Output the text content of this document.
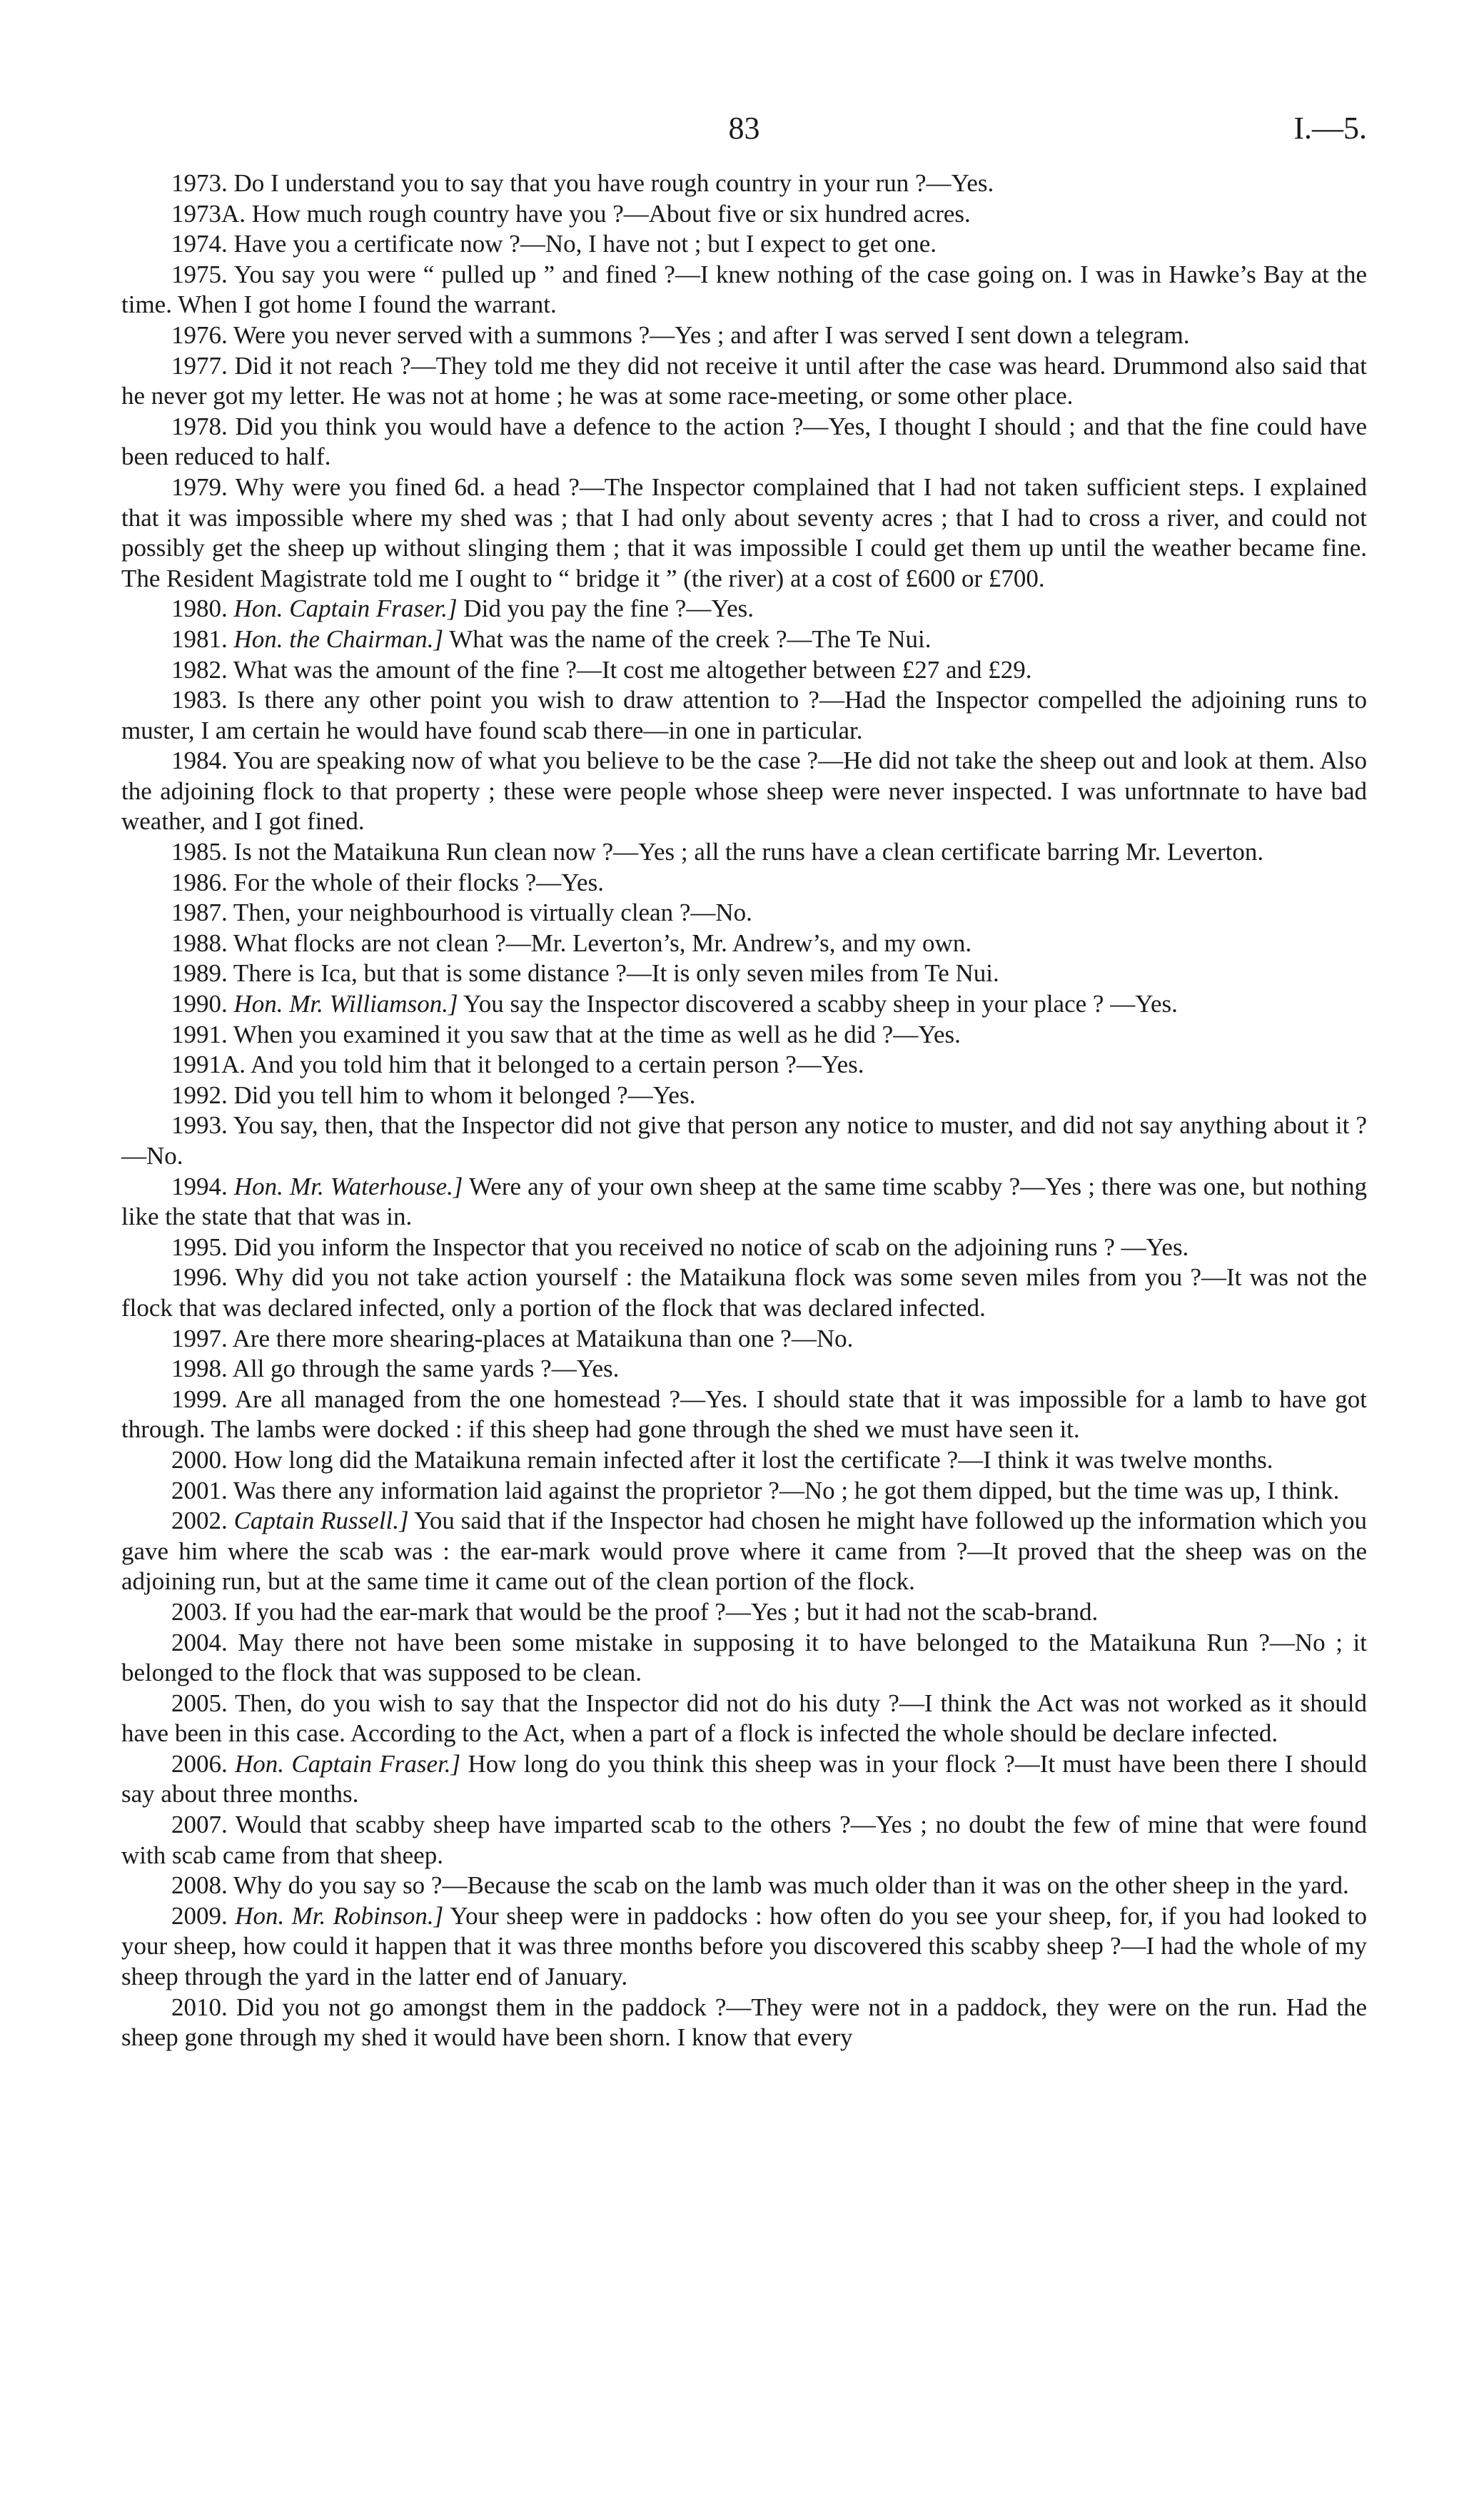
83	I.—5.

1973. Do I understand you to say that you have rough country in your run ?—Yes.

1973A. How much rough country have you ?—About five or six hundred acres.

1974. Have you a certificate now ?—No, I have not ; but I expect to get one.

1975. You say you were “ pulled up ” and fined ?—I knew nothing of the case going on. I was in Hawke’s Bay at the time. When I got home I found the warrant.

1976. Were you never served with a summons ?—Yes ; and after I was served I sent down a telegram.

1977. Did it not reach ?—They told me they did not receive it until after the case was heard. Drummond also said that he never got my letter. He was not at home ; he was at some race-meeting, or some other place.

1978. Did you think you would have a defence to the action ?—Yes, I thought I should ; and that the fine could have been reduced to half.

1979. Why were you fined 6d. a head ?—The Inspector complained that I had not taken sufficient steps. I explained that it was impossible where my shed was ; that I had only about seventy acres ; that I had to cross a river, and could not possibly get the sheep up without slinging them ; that it was impossible I could get them up until the weather became fine. The Resident Magistrate told me I ought to “ bridge it ” (the river) at a cost of £600 or £700.

1980. Hon. Captain Fraser.] Did you pay the fine ?—Yes.

1981. Hon. the Chairman.] What was the name of the creek ?—The Te Nui.

1982. What was the amount of the fine ?—It cost me altogether between £27 and £29.

1983. Is there any other point you wish to draw attention to ?—Had the Inspector compelled the adjoining runs to muster, I am certain he would have found scab there—in one in particular.

1984. You are speaking now of what you believe to be the case ?—He did not take the sheep out and look at them. Also the adjoining flock to that property ; these were people whose sheep were never inspected. I was unfortnnate to have bad weather, and I got fined.

1985. Is not the Mataikuna Run clean now ?—Yes ; all the runs have a clean certificate barring Mr. Leverton.

1986. For the whole of their flocks ?—Yes.

1987. Then, your neighbourhood is virtually clean ?—No.

1988. What flocks are not clean ?—Mr. Leverton’s, Mr. Andrew’s, and my own.

1989. There is Ica, but that is some distance ?—It is only seven miles from Te Nui.

1990. Hon. Mr. Williamson.] You say the Inspector discovered a scabby sheep in your place ? —Yes.

1991. When you examined it you saw that at the time as well as he did ?—Yes.

1991A. And you told him that it belonged to a certain person ?—Yes.

1992. Did you tell him to whom it belonged ?—Yes.

1993. You say, then, that the Inspector did not give that person any notice to muster, and did not say anything about it ?—No.

1994. Hon. Mr. Waterhouse.] Were any of your own sheep at the same time scabby ?—Yes ; there was one, but nothing like the state that that was in.

1995. Did you inform the Inspector that you received no notice of scab on the adjoining runs ? —Yes.

1996. Why did you not take action yourself : the Mataikuna flock was some seven miles from you ?—It was not the flock that was declared infected, only a portion of the flock that was declared infected.

1997. Are there more shearing-places at Mataikuna than one ?—No.

1998. All go through the same yards ?—Yes.

1999. Are all managed from the one homestead ?—Yes. I should state that it was impossible for a lamb to have got through. The lambs were docked : if this sheep had gone through the shed we must have seen it.

2000. How long did the Mataikuna remain infected after it lost the certificate ?—I think it was twelve months.

2001. Was there any information laid against the proprietor ?—No ; he got them dipped, but the time was up, I think.

2002. Captain Russell.] You said that if the Inspector had chosen he might have followed up the information which you gave him where the scab was : the ear-mark would prove where it came from ?—It proved that the sheep was on the adjoining run, but at the same time it came out of the clean portion of the flock.

2003. If you had the ear-mark that would be the proof ?—Yes ; but it had not the scab-brand.

2004. May there not have been some mistake in supposing it to have belonged to the Mataikuna Run ?—No ; it belonged to the flock that was supposed to be clean.

2005. Then, do you wish to say that the Inspector did not do his duty ?—I think the Act was not worked as it should have been in this case. According to the Act, when a part of a flock is infected the whole should be declare infected.

2006. Hon. Captain Fraser.] How long do you think this sheep was in your flock ?—It must have been there I should say about three months.

2007. Would that scabby sheep have imparted scab to the others ?—Yes ; no doubt the few of mine that were found with scab came from that sheep.

2008. Why do you say so ?—Because the scab on the lamb was much older than it was on the other sheep in the yard.

2009. Hon. Mr. Robinson.] Your sheep were in paddocks : how often do you see your sheep, for, if you had looked to your sheep, how could it happen that it was three months before you discovered this scabby sheep ?—I had the whole of my sheep through the yard in the latter end of January.

2010. Did you not go amongst them in the paddock ?—They were not in a paddock, they were on the run. Had the sheep gone through my shed it would have been shorn. I know that every
